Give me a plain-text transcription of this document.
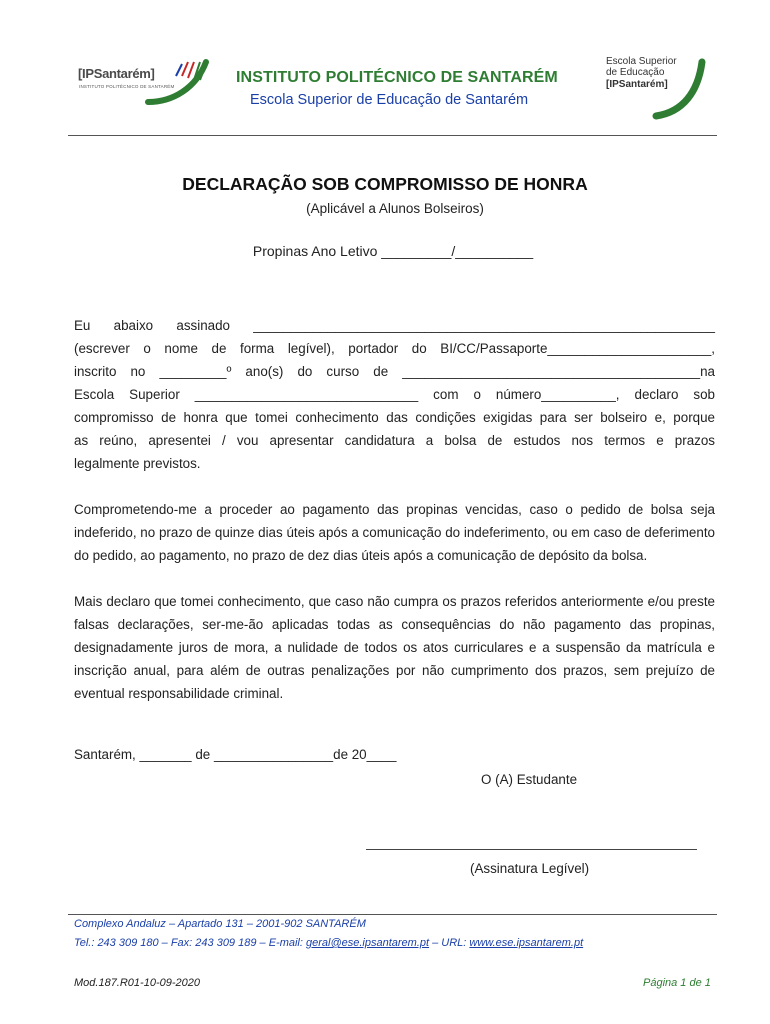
[IPSantarém]
INSTITUTO POLITÉCNICO DE SANTARÉM
INSTITUTO POLITÉCNICO DE SANTARÉM
Escola Superior de Educação de Santarém
Escola Superior
de Educação
[IPSantarém]
DECLARAÇÃO SOB COMPROMISSO DE HONRA
(Aplicável a Alunos Bolseiros)
Propinas Ano Letivo _________/__________

Eu abaixo assinado ______________________________________________________________
(escrever o nome de forma legível), portador do BI/CC/Passaporte______________________,
inscrito no _________º ano(s) do curso de ________________________________________na
Escola Superior ______________________________ com o número__________, declaro sob
compromisso de honra que tomei conhecimento das condições exigidas para ser bolseiro e, porque
as reúno, apresentei / vou apresentar candidatura a bolsa de estudos nos termos e prazos
legalmente previstos.

Comprometendo-me a proceder ao pagamento das propinas vencidas, caso o pedido de bolsa seja indeferido, no prazo de quinze dias úteis após a comunicação do indeferimento, ou em caso de deferimento do pedido, ao pagamento, no prazo de dez dias úteis após a comunicação de depósito da bolsa.

Mais declaro que tomei conhecimento, que caso não cumpra os prazos referidos anteriormente e/ou preste falsas declarações, ser-me-ão aplicadas todas as consequências do não pagamento das propinas, designadamente juros de mora, a nulidade de todos os atos curriculares e a suspensão da matrícula e inscrição anual, para além de outras penalizações por não cumprimento dos prazos, sem prejuízo de eventual responsabilidade criminal.

Santarém, _______ de ________________de 20____
O (A) Estudante
(Assinatura Legível)
Complexo Andaluz – Apartado 131 – 2001-902 SANTARÉM
Tel.: 243 309 180 – Fax: 243 309 189 – E-mail: geral@ese.ipsantarem.pt – URL: www.ese.ipsantarem.pt
Mod.187.R01-10-09-2020	Página 1 de 1
